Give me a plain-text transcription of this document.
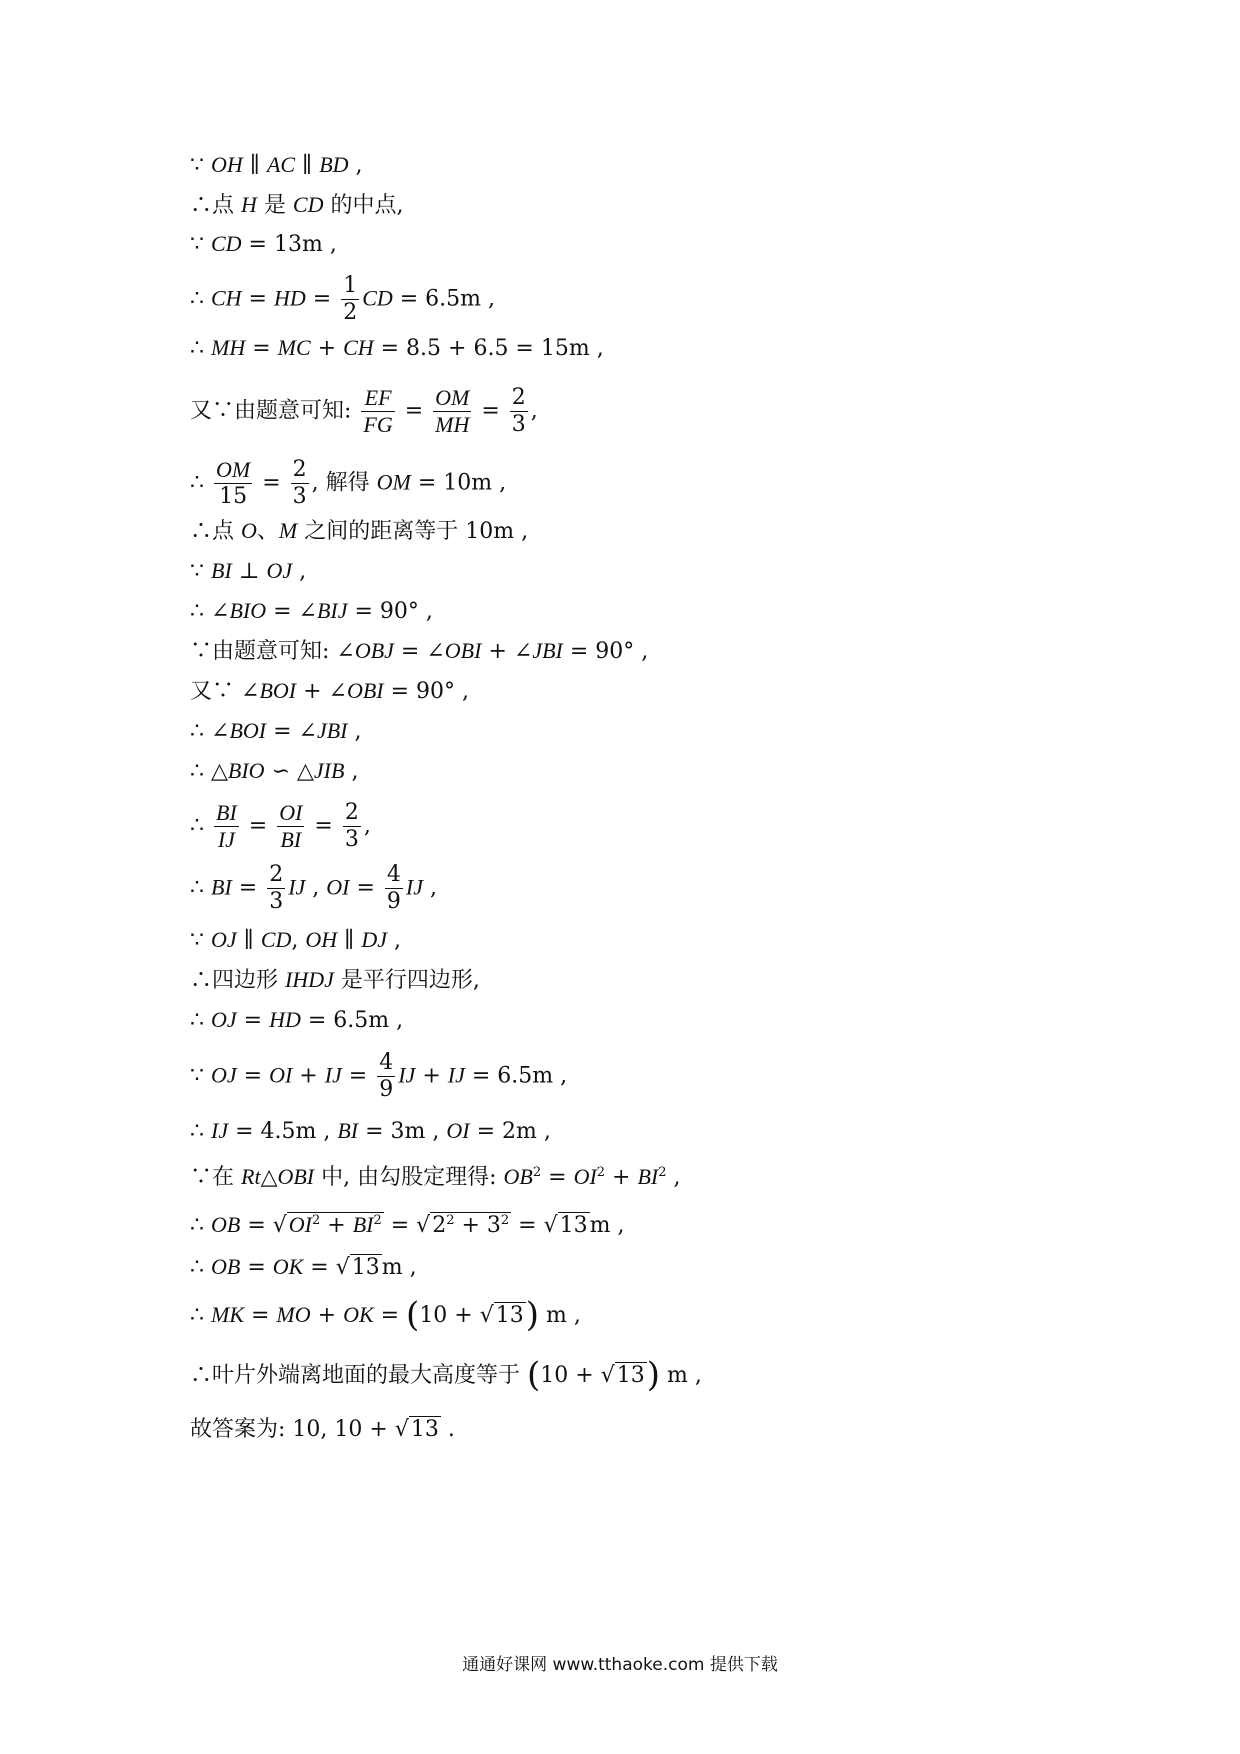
∵ OH ∥ AC ∥ BD ,
∴点 H 是 CD 的中点,
∵ CD = 13m ,
∴ CH = HD = $\frac{1}{2}$ CD = 6.5m ,
∴ MH = MC + CH = 8.5 + 6.5 = 15m ,
又∵由题意可知: $\frac{EF}{FG} = \frac{OM}{MH} = \frac{2}{3}$ ,
∴ $\frac{OM}{15} = \frac{2}{3}$ , 解得 OM = 10m ,
∴点 O、M 之间的距离等于 10m ,
∵ BI ⊥ OJ ,
∴ ∠BIO = ∠BIJ = 90° ,
∵由题意可知: ∠OBJ = ∠OBI + ∠JBI = 90° ,
又∵ ∠BOI + ∠OBI = 90° ,
∴ ∠BOI = ∠JBI ,
∴ △BIO ∽ △JIB ,
∴ $\frac{BI}{IJ} = \frac{OI}{BI} = \frac{2}{3}$ ,
∴ BI = $\frac{2}{3}$ IJ , OI = $\frac{4}{9}$ IJ ,
∵ OJ ∥ CD, OH ∥ DJ ,
∴四边形 IHDJ 是平行四边形,
∴ OJ = HD = 6.5m ,
∵ OJ = OI + IJ = $\frac{4}{9}$ IJ + IJ = 6.5m ,
∴ IJ = 4.5m , BI = 3m , OI = 2m ,
∵在 Rt△OBI 中, 由勾股定理得: $OB^2 = OI^2 + BI^2$ ,
∴ OB = $√OI^2 + BI^2 = √2^2 + 3^2 = √13m$ ,
∴ OB = OK = √13m ,
∴ MK = MO + OK = (10 + √13) m ,
∴叶片外端离地面的最大高度等于 (10 + √13) m ,
故答案为: 10, 10 + √13 .
通通好课网 www.tthaoke.com 提供下载
